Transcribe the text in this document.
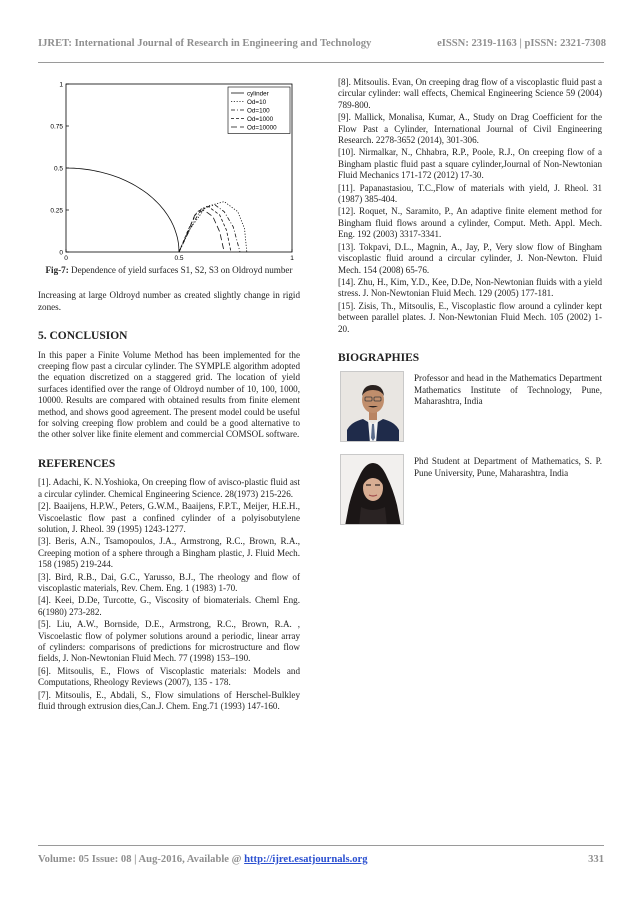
IJRET: International Journal of Research in Engineering and Technology	eISSN: 2319-1163 | pISSN: 2321-7308
0
0.25
0.5
0.75
1
0	0.5	1
cylinder
Od=10
Od=100
Od=1000
Od=10000
Fig-7: Dependence of yield surfaces S1, S2, S3 on Oldroyd number

Increasing at large Oldroyd number as created slightly change in rigid zones.

5. CONCLUSION

In this paper a Finite Volume Method has been implemented for the creeping flow past a circular cylinder. The SYMPLE algorithm adopted the equation discretized on a staggered grid. The location of yield surfaces identified over the range of Oldroyd number of 10, 100, 1000, 10000. Results are compared with obtained results from finite element method, and shows good agreement. The present model could be useful for solving creeping flow problem and could be a good alternative to the other solver like finite element and commercial COMSOL software.

REFERENCES

[1]. Adachi, K. N.Yoshioka, On creeping flow of avisco-plastic fluid ast a circular cylinder. Chemical Engineering Science. 28(1973) 215-226.

[2]. Baaijens, H.P.W., Peters, G.W.M., Baaijens, F.P.T., Meijer, H.E.H., Viscoelastic flow past a confined cylinder of a polyisobutylene solution, J. Rheol. 39 (1995) 1243-1277.

[3]. Beris, A.N., Tsamopoulos, J.A., Armstrong, R.C., Brown, R.A., Creeping motion of a sphere through a Bingham plastic, J. Fluid Mech. 158 (1985) 219-244.

[3]. Bird, R.B., Dai, G.C., Yarusso, B.J., The rheology and flow of viscoplastic materials, Rev. Chem. Eng. 1 (1983) 1-70.

[4]. Keei, D.De, Turcotte, G., Viscosity of biomaterials. Cheml Eng. 6(1980) 273-282.

[5]. Liu, A.W., Bornside, D.E., Armstrong, R.C., Brown, R.A. , Viscoelastic flow of polymer solutions around a periodic, linear array of cylinders: comparisons of predictions for microstructure and flow fields, J. Non-Newtonian Fluid Mech. 77 (1998) 153–190.

[6]. Mitsoulis, E., Flows of Viscoplastic materials: Models and Computations, Rheology Reviews (2007), 135 - 178.

[7]. Mitsoulis, E., Abdali, S., Flow simulations of Herschel-Bulkley fluid through extrusion dies,Can.J. Chem. Eng.71 (1993) 147-160.

[8]. Mitsoulis. Evan, On creeping drag flow of a viscoplastic fluid past a circular cylinder: wall effects, Chemical Engineering Science 59 (2004) 789-800.

[9]. Mallick, Monalisa, Kumar, A., Study on Drag Coefficient for the Flow Past a Cylinder, International Journal of Civil Engineering Research. 2278-3652 (2014), 301-306.

[10]. Nirmalkar, N., Chhabra, R.P., Poole, R.J., On creeping flow of a Bingham plastic fluid past a square cylinder,Journal of Non-Newtonian Fluid Mechanics 171-172 (2012) 17-30.

[11]. Papanastasiou, T.C.,Flow of materials with yield, J. Rheol. 31 (1987) 385-404.

[12]. Roquet, N., Saramito, P., An adaptive finite element method for Bingham fluid flows around a cylinder, Comput. Meth. Appl. Mech. Eng. 192 (2003) 3317-3341.

[13]. Tokpavi, D.L., Magnin, A., Jay, P., Very slow flow of Bingham viscoplastic fluid around a circular cylinder, J. Non-Newton. Fluid Mech. 154 (2008) 65-76.

[14]. Zhu, H., Kim, Y.D., Kee, D.De, Non-Newtonian fluids with a yield stress. J. Non-Newtonian Fluid Mech. 129 (2005) 177-181.

[15]. Zisis, Th., Mitsoulis, E., Viscoplastic flow around a cylinder kept between parallel plates. J. Non-Newtonian Fluid Mech. 105 (2002) 1-20.

BIOGRAPHIES

Professor and head in the Mathematics Department Mathematics Institute of Technology, Pune, Maharashtra, India

Phd Student at Department of Mathematics, S. P. Pune University, Pune, Maharashtra, India

Volume: 05 Issue: 08 | Aug-2016, Available @ http://ijret.esatjournals.org	331
